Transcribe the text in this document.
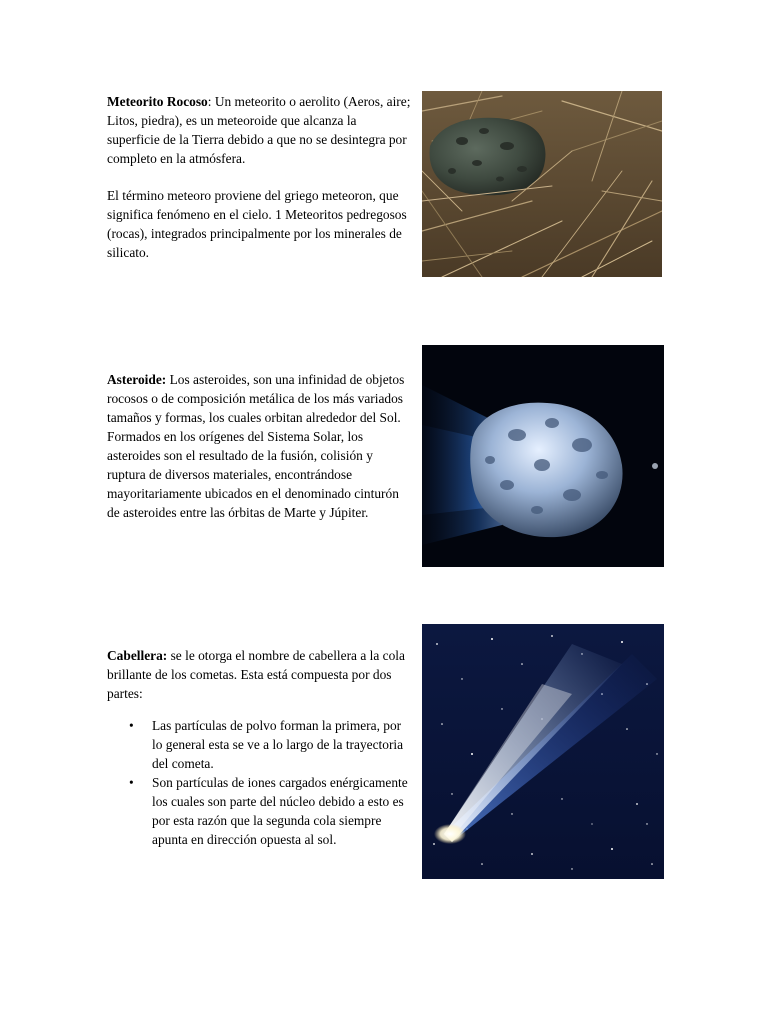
Meteorito Rocoso: Un meteorito o aerolito (Aeros, aire; Litos, piedra), es un meteoroide que alcanza la superficie de la Tierra debido a que no se desintegra por completo en la atmósfera.

El término meteoro proviene del griego meteoron, que significa fenómeno en el cielo. 1 Meteoritos pedregosos (rocas), integrados principalmente por los minerales de silicato.

Asteroide: Los asteroides, son una infinidad de objetos rocosos o de composición metálica de los más variados tamaños y formas, los cuales orbitan alrededor del Sol. Formados en los orígenes del Sistema Solar, los asteroides son el resultado de la fusión, colisión y ruptura de diversos materiales, encontrándose mayoritariamente ubicados en el denominado cinturón de asteroides entre las órbitas de Marte y Júpiter.

Cabellera: se le otorga el nombre de cabellera a la cola brillante de los cometas. Esta está compuesta por dos partes:

• Las partículas de polvo forman la primera, por lo general esta se ve a lo largo de la trayectoria del cometa.
• Son partículas de iones cargados enérgicamente los cuales son parte del núcleo debido a esto es por esta razón que la segunda cola siempre apunta en dirección opuesta al sol.
